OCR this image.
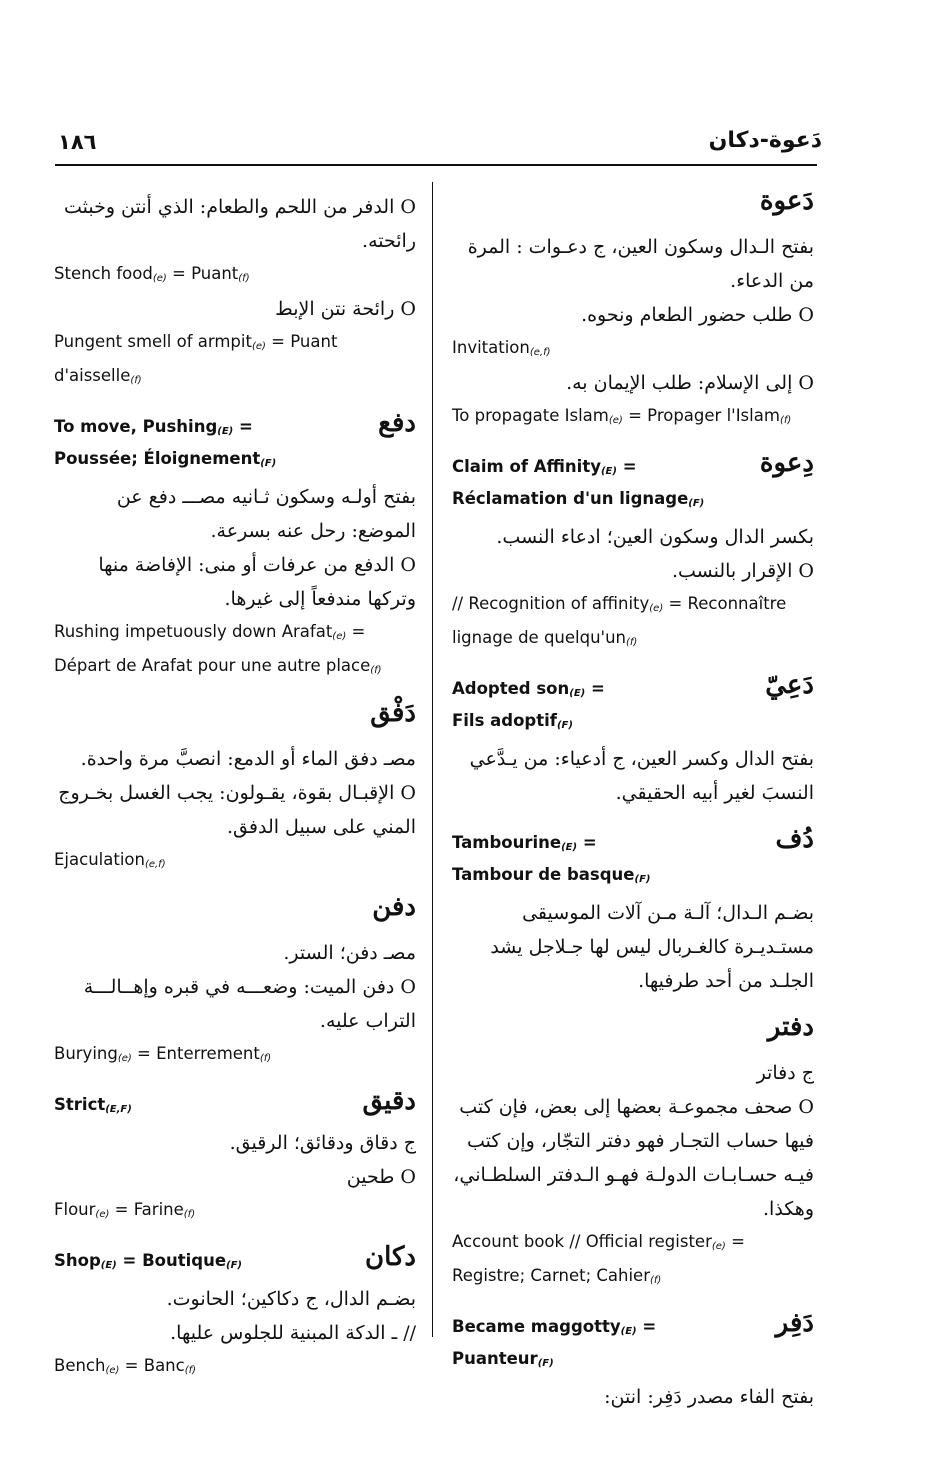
١٨٦	دَعوة-دكان
دَعوة
بفتح الـدال وسكون العين، ج دعـوات : المرة من الدعاء.
O طلب حضور الطعام ونحوه.
Invitation$_{(e,f)}$
O إلى الإسلام: طلب الإيمان به.
To propagate Islam$_{(e)}$ = Propager l'Islam$_{(f)}$
دِعوة
Claim of Affinity$_{(E)}$ =
Réclamation d'un lignage$_{(F)}$
بكسر الدال وسكون العين؛ ادعاء النسب.
O الإقرار بالنسب.
// Recognition of affinity$_{(e)}$ = Reconnaître lignage de $quelqu'un_{(f)}$
دَعِيّ
Adopted son$_{(E)}$ =
Fils adoptif$_{(F)}$
بفتح الدال وكسر العين، ج أدعياء: من يـدَّعي النسبَ لغير أبيه الحقيقي.
دُف
Tambourine$_{(E)}$ =
Tambour de basque$_{(F)}$
بضـم الـدال؛ آلـة مـن آلات الموسيقى مستـديـرة كالغـربال ليس لها جـلاجل يشد الجلـد من أحد طرفيها.
دفتر
ج دفاتر
O صحف مجموعـة بعضها إلى بعض، فإن كتب فيها حساب التجـار فهو دفتر التجّار، وإن كتب فيـه حسـابـات الدولـة فهـو الـدفتر السلطـاني، وهكذا.
Account book // Official register$_{(e)}$ = Registre; Carnet; Cahier$_{(f)}$
دَفِر
Became maggotty$_{(E)}$ =
Puanteur$_{(F)}$
بفتح الفاء مصدر دَفِر: انتن:
O الدفر من اللحم والطعام: الذي أنتن وخبثت رائحته.
Stench food$_{(e)}$ = Puant$_{(f)}$
O رائحة نتن الإبط
Pungent smell of armpit$_{(e)}$ = Puant d'aisselle$_{(f)}$
دفع
To move, Pushing$_{(E)}$ =
Poussée; Éloignement$_{(F)}$
بفتح أولـه وسكون ثـانيه مصـــ دفع عن الموضع: رحل عنه بسرعة.
O الدفع من عرفات أو منى: الإفاضة منها وتركها مندفعاً إلى غيرها.
Rushing impetuously down Arafat$_{(e)}$ = Départ de Arafat pour une autre place$_{(f)}$
دَفْق
مصـ دفق الماء أو الدمع: انصبَّ مرة واحدة.
O الإقبـال بقوة، يقـولون: يجب الغسل بخـروج المني على سبيل الدفق.
Ejaculation$_{(e,f)}$
دفن
مصـ دفن؛ الستر.
O دفن الميت: وضعـــه في قبره وإهــالـــة التراب عليه.
Burying$_{(e)}$ = Enterrement$_{(f)}$
دقيق
Strict$_{(E,F)}$
ج دقاق ودقائق؛ الرقيق.
O طحين
Flour$_{(e)}$ = Farine$_{(f)}$
دكان
Shop$_{(E)}$ = Boutique$_{(F)}$
بضـم الدال، ج دكاكين؛ الحانوت.
// ـ الدكة المبنية للجلوس عليها.
Bench$_{(e)}$ = Banc$_{(f)}$
